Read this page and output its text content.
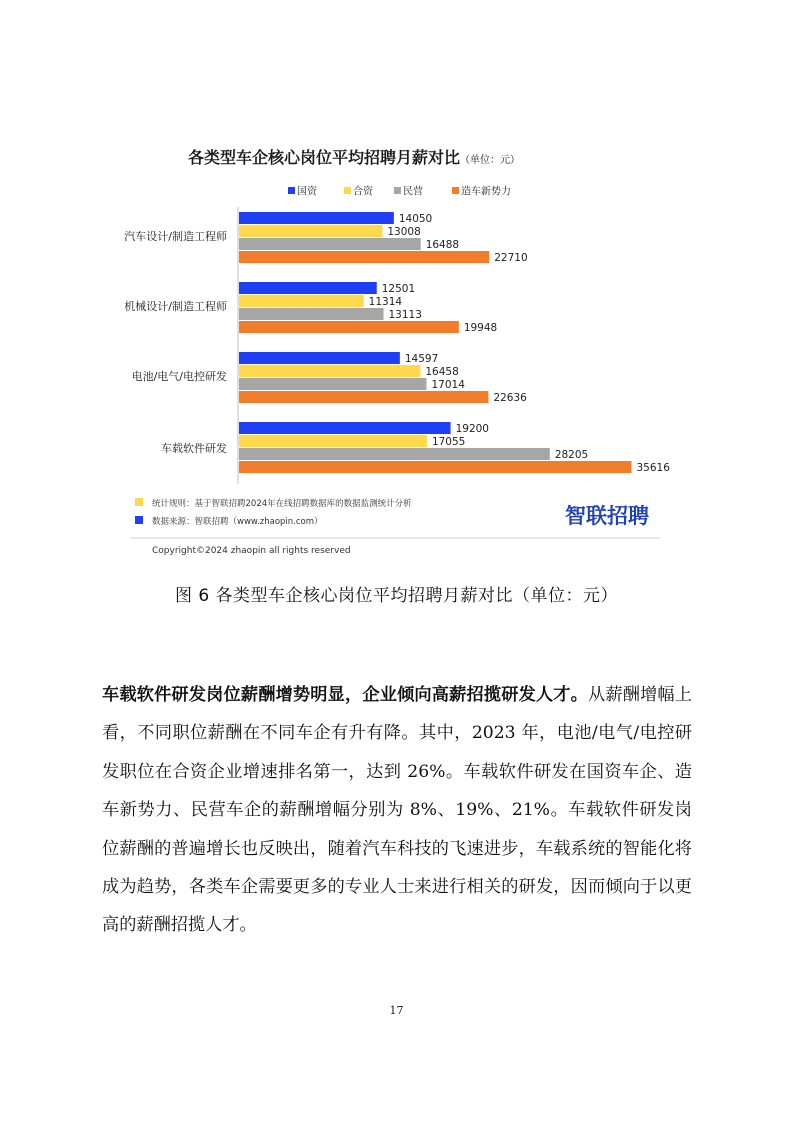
各类型车企核心岗位平均招聘月薪对比（单位：元）
国资	合资	民营	造车新势力
汽车设计/制造工程师
14050
13008
16488
22710
机械设计/制造工程师
12501
11314
13113
19948
电池/电气/电控研发
14597
16458
17014
22636
车载软件研发
19200
17055
28205
35616
统计规则：基于智联招聘2024年在线招聘数据库的数据监测统计分析
数据来源：智联招聘（www.zhaopin.com）	智联招聘
Copyright©2024 zhaopin all rights reserved
图 6 各类型车企核心岗位平均招聘月薪对比（单位：元）
车载软件研发岗位薪酬增势明显，企业倾向高薪招揽研发人才。从薪酬增幅上看，不同职位薪酬在不同车企有升有降。其中，2023 年，电池/电气/电控研发职位在合资企业增速排名第一，达到 26%。车载软件研发在国资车企、造车新势力、民营车企的薪酬增幅分别为 8%、19%、21%。车载软件研发岗位薪酬的普遍增长也反映出，随着汽车科技的飞速进步，车载系统的智能化将成为趋势，各类车企需要更多的专业人士来进行相关的研发，因而倾向于以更高的薪酬招揽人才。
17
